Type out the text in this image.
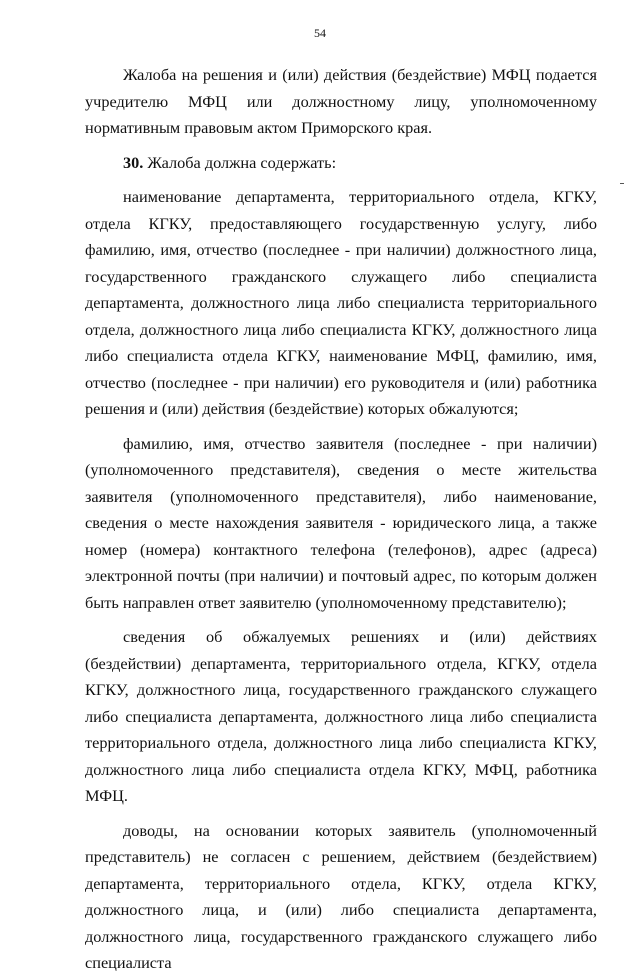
54

Жалоба на решения и (или) действия (бездействие) МФЦ подается учредителю МФЦ или должностному лицу, уполномоченному нормативным правовым актом Приморского края.

30. Жалоба должна содержать:

наименование департамента, территориального отдела, КГКУ, отдела КГКУ, предоставляющего государственную услугу, либо фамилию, имя, отчество (последнее - при наличии) должностного лица, государственного гражданского служащего либо специалиста департамента, должностного лица либо специалиста территориального отдела, должностного лица либо специалиста КГКУ, должностного лица либо специалиста отдела КГКУ, наименование МФЦ, фамилию, имя, отчество (последнее - при наличии) его руководителя и (или) работника решения и (или) действия (бездействие) которых обжалуются;

фамилию, имя, отчество заявителя (последнее - при наличии) (уполномоченного представителя), сведения о месте жительства заявителя (уполномоченного представителя), либо наименование, сведения о месте нахождения заявителя - юридического лица, а также номер (номера) контактного телефона (телефонов), адрес (адреса) электронной почты (при наличии) и почтовый адрес, по которым должен быть направлен ответ заявителю (уполномоченному представителю);

сведения об обжалуемых решениях и (или) действиях (бездействии) департамента, территориального отдела, КГКУ, отдела КГКУ, должностного лица, государственного гражданского служащего либо специалиста департамента, должностного лица либо специалиста территориального отдела, должностного лица либо специалиста КГКУ, должностного лица либо специалиста отдела КГКУ, МФЦ, работника МФЦ.

доводы, на основании которых заявитель (уполномоченный представитель) не согласен с решением, действием (бездействием) департамента, территориального отдела, КГКУ, отдела КГКУ, должностного лица, и (или) либо специалиста департамента, должностного лица, государственного гражданского служащего либо специалиста
